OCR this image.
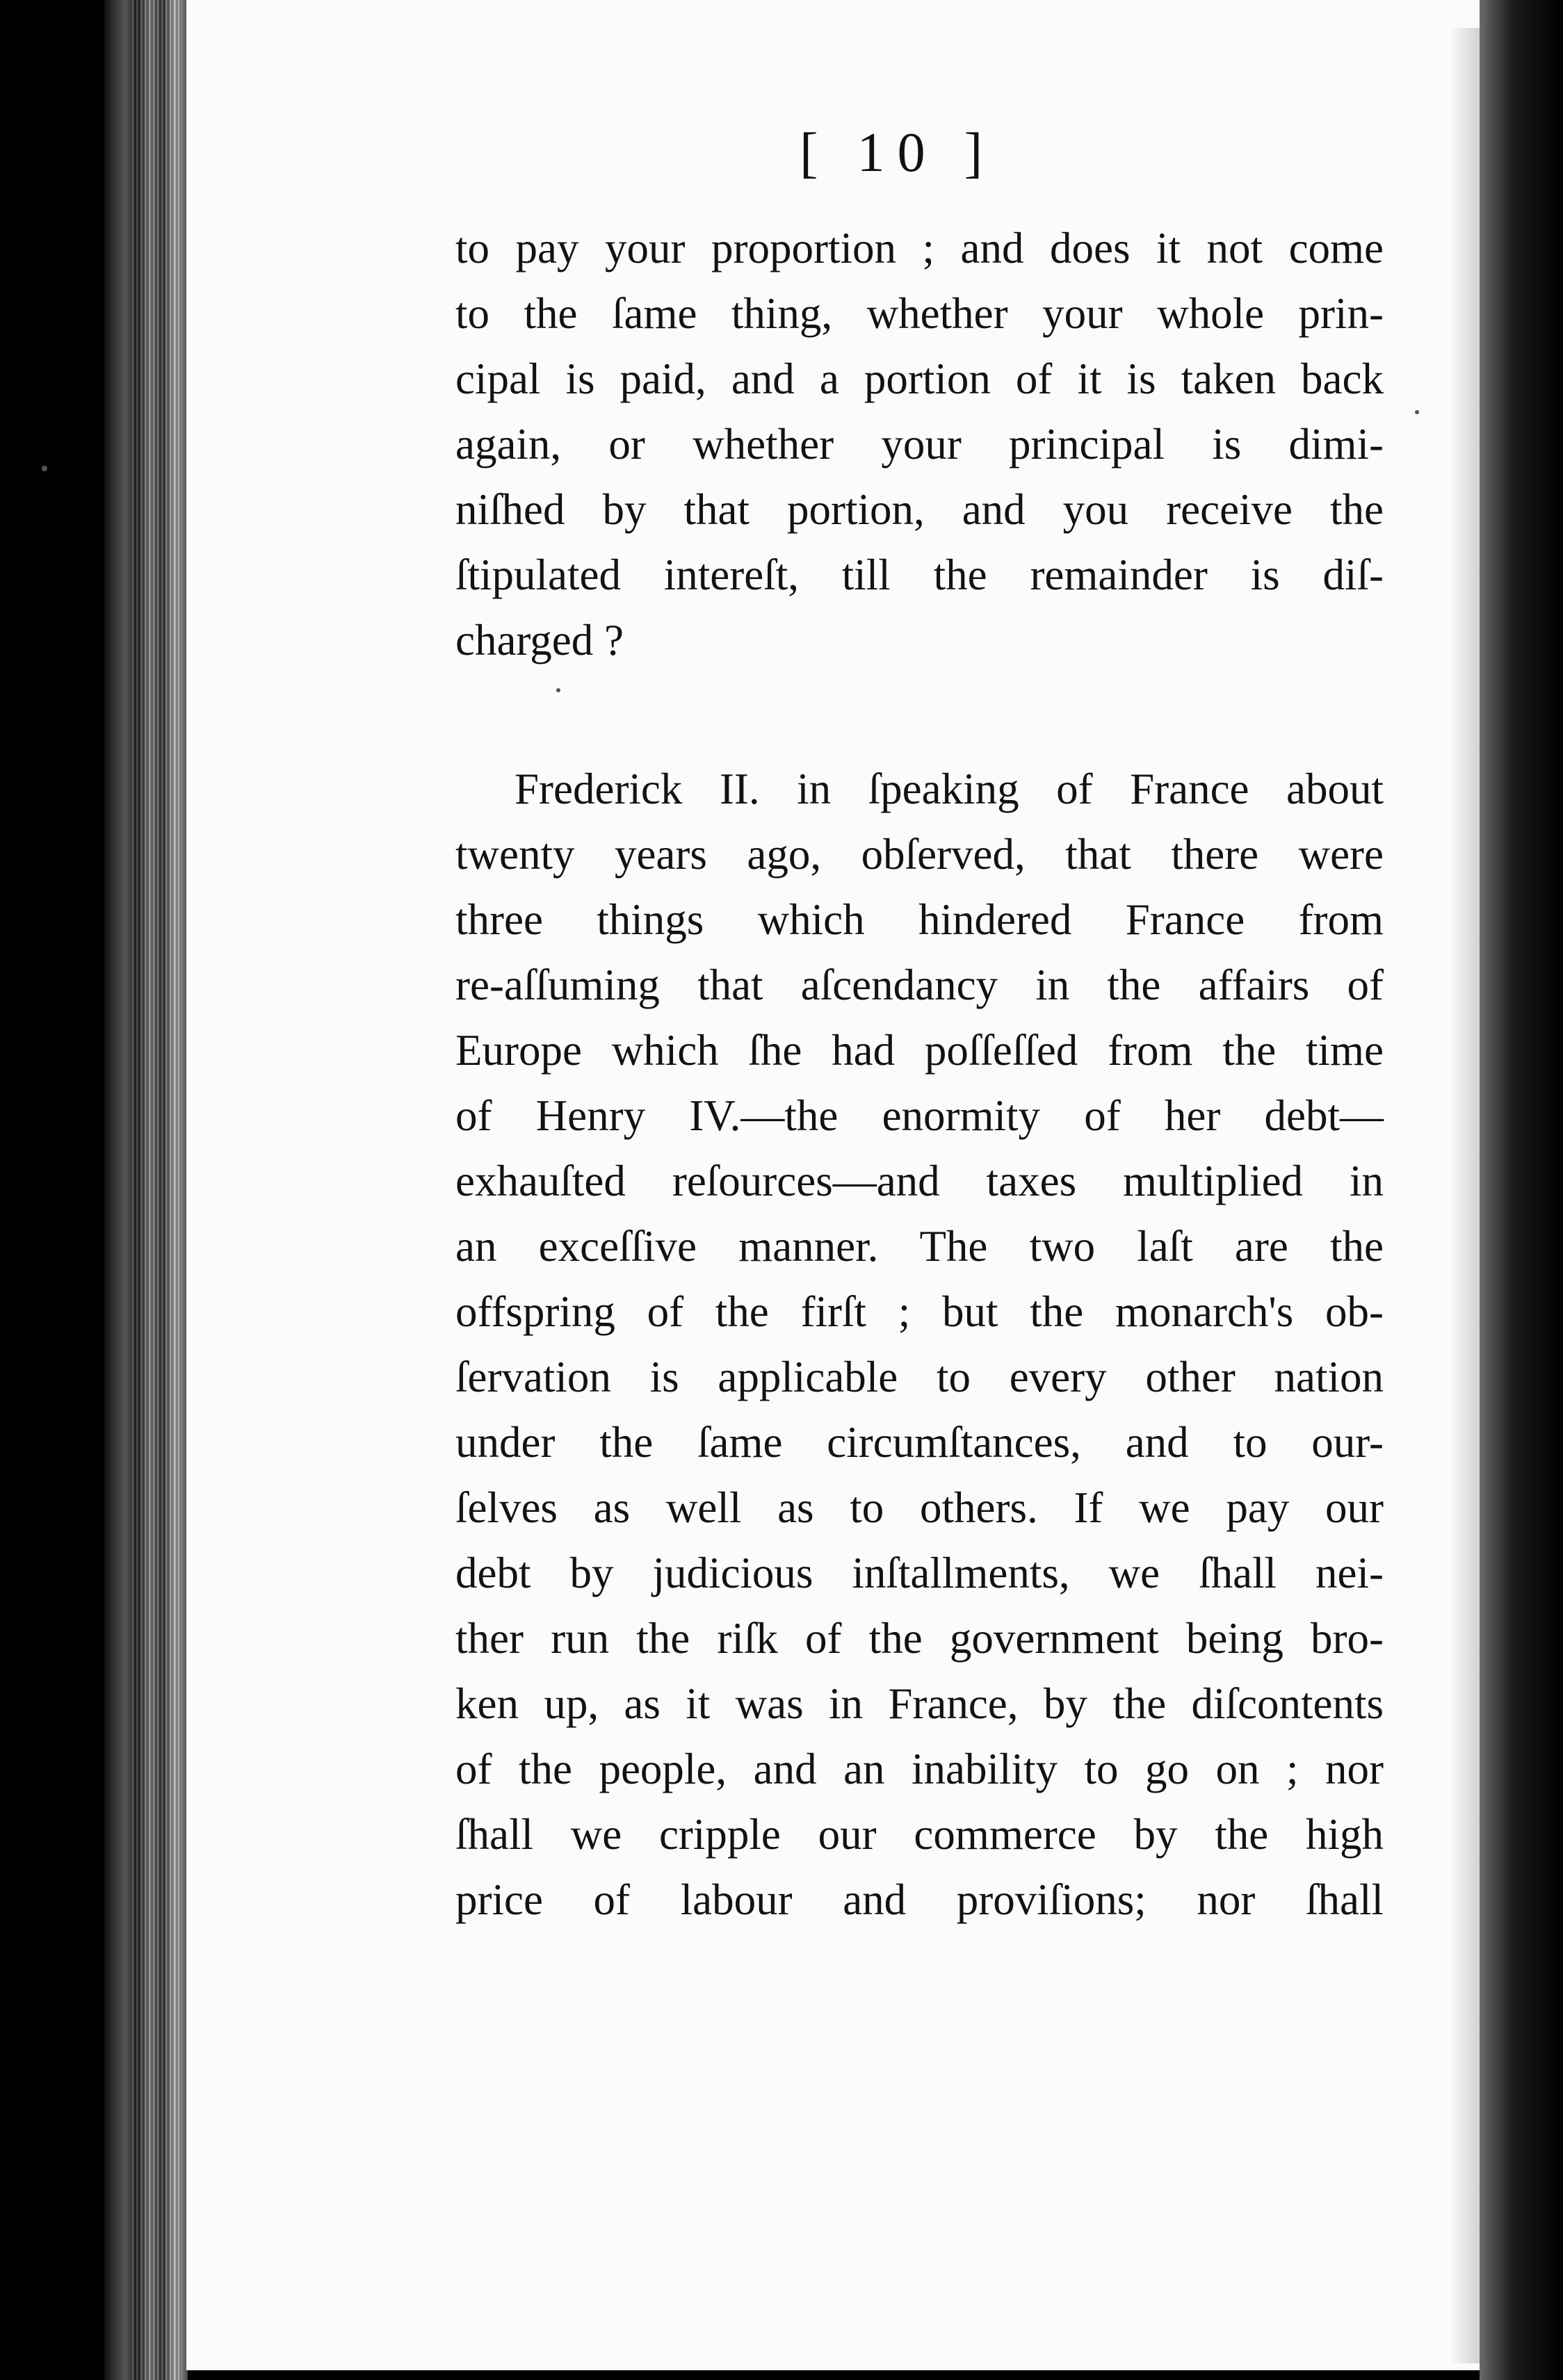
[ 10 ]
to pay your proportion ; and does it not come
to the ſame thing, whether your whole prin-
cipal is paid, and a portion of it is taken back
again, or whether your principal is dimi-
niſhed by that portion, and you receive the
ſtipulated intereſt, till the remainder is diſ-
charged ?
Frederick II. in ſpeaking of France about
twenty years ago, obſerved, that there were
three things which hindered France from
re-aſſuming that aſcendancy in the affairs of
Europe which ſhe had poſſeſſed from the time
of Henry IV.—the enormity of her debt—
exhauſted reſources—and taxes multiplied in
an exceſſive manner. The two laſt are the
offspring of the firſt ; but the monarch's ob-
ſervation is applicable to every other nation
under the ſame circumſtances, and to our-
ſelves as well as to others. If we pay our
debt by judicious inſtallments, we ſhall nei-
ther run the riſk of the government being bro-
ken up, as it was in France, by the diſcontents
of the people, and an inability to go on ; nor
ſhall we cripple our commerce by the high
price of labour and proviſions; nor ſhall
